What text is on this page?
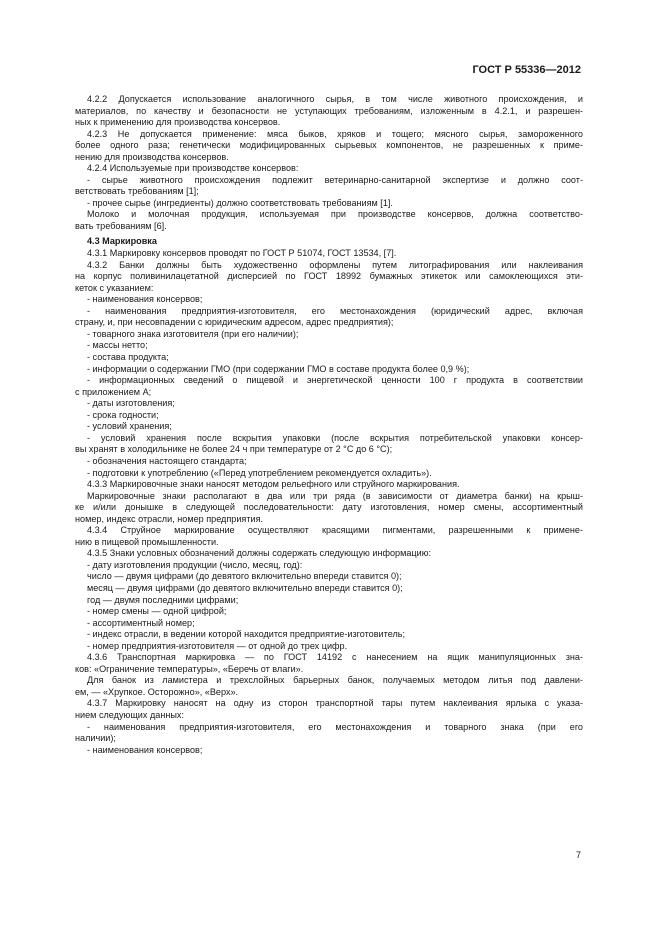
ГОСТ Р 55336—2012
4.2.2 Допускается использование аналогичного сырья, в том числе животного происхождения, и
материалов, по качеству и безопасности не уступающих требованиям, изложенным в 4.2.1, и разрешен-
ных к применению для производства консервов.
4.2.3 Не допускается применение: мяса быков, хряков и тощего; мясного сырья, замороженного
более одного раза; генетически модифицированных сырьевых компонентов, не разрешенных к приме-
нению для производства консервов.
4.2.4 Используемые при производстве консервов:
- сырье животного происхождения подлежит ветеринарно-санитарной экспертизе и должно соот-
ветствовать требованиям [1];
- прочее сырье (ингредиенты) должно соответствовать требованиям [1].
Молоко и молочная продукция, используемая при производстве консервов, должна соответство-
вать требованиям [6].
4.3 Маркировка
4.3.1 Маркировку консервов проводят по ГОСТ Р 51074, ГОСТ 13534, [7].
4.3.2 Банки должны быть художественно оформлены путем литографирования или наклеивания
на корпус поливинилацетатной дисперсией по ГОСТ 18992 бумажных этикеток или самоклеющихся эти-
кеток с указанием:
- наименования консервов;
- наименования предприятия-изготовителя, его местонахождения (юридический адрес, включая
страну, и, при несовпадении с юридическим адресом, адрес предприятия);
- товарного знака изготовителя (при его наличии);
- массы нетто;
- состава продукта;
- информации о содержании ГМО (при содержании ГМО в составе продукта более 0,9 %);
- информационных сведений о пищевой и энергетической ценности 100 г продукта в соответствии
с приложением А;
- даты изготовления;
- срока годности;
- условий хранения;
- условий хранения после вскрытия упаковки (после вскрытия потребительской упаковки консер-
вы хранят в холодильнике не более 24 ч при температуре от 2 °С до 6 °С);
- обозначения настоящего стандарта;
- подготовки к употреблению («Перед употреблением рекомендуется охладить»).
4.3.3 Маркировочные знаки наносят методом рельефного или струйного маркирования.
Маркировочные знаки располагают в два или три ряда (в зависимости от диаметра банки) на крыш-
ке и/или донышке в следующей последовательности: дату изготовления, номер смены, ассортиментный
номер, индекс отрасли, номер предприятия.
4.3.4 Струйное маркирование осуществляют красящими пигментами, разрешенными к примене-
нию в пищевой промышленности.
4.3.5 Знаки условных обозначений должны содержать следующую информацию:
- дату изготовления продукции (число, месяц, год):
число — двумя цифрами (до девятого включительно впереди ставится 0);
месяц — двумя цифрами (до девятого включительно впереди ставится 0);
год — двумя последними цифрами;
- номер смены — одной цифрой;
- ассортиментный номер;
- индекс отрасли, в ведении которой находится предприятие-изготовитель;
- номер предприятия-изготовителя — от одной до трех цифр.
4.3.6 Транспортная маркировка — по ГОСТ 14192 с нанесением на ящик манипуляционных зна-
ков: «Ограничение температуры», «Беречь от влаги».
Для банок из ламистера и трехслойных барьерных банок, получаемых методом литья под давлени-
ем, — «Хрупкое. Осторожно», «Верх».
4.3.7 Маркировку наносят на одну из сторон транспортной тары путем наклеивания ярлыка с указа-
нием следующих данных:
- наименования предприятия-изготовителя, его местонахождения и товарного знака (при его
наличии);
- наименования консервов;
7
